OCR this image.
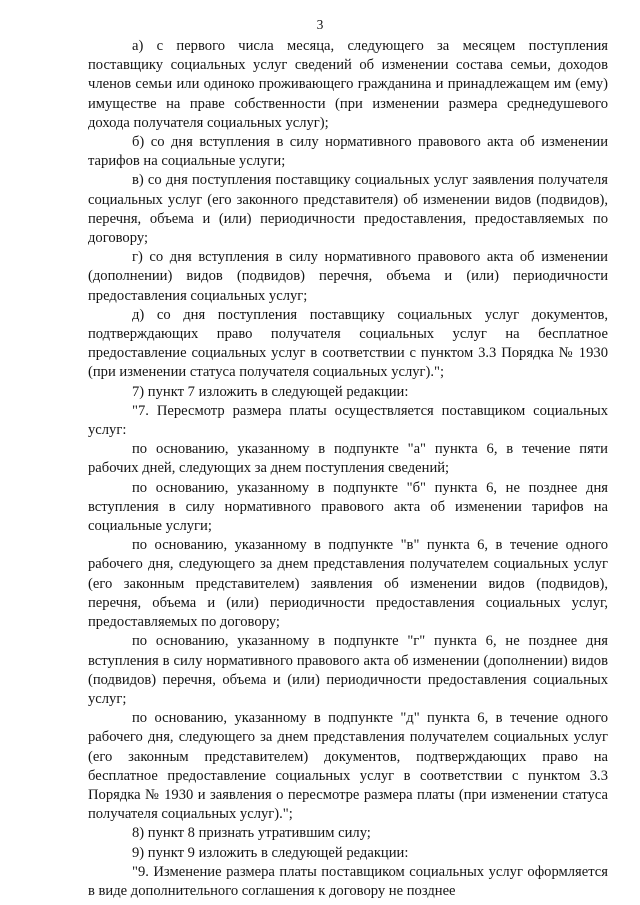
3

а) с первого числа месяца, следующего за месяцем поступления поставщику социальных услуг сведений об изменении состава семьи, доходов членов семьи или одиноко проживающего гражданина и принадлежащем им (ему) имуществе на праве собственности (при изменении размера среднедушевого дохода получателя социальных услуг);

б) со дня вступления в силу нормативного правового акта об изменении тарифов на социальные услуги;

в) со дня поступления поставщику социальных услуг заявления получателя социальных услуг (его законного представителя) об изменении видов (подвидов), перечня, объема и (или) периодичности предоставления, предоставляемых по договору;

г) со дня вступления в силу нормативного правового акта об изменении (дополнении) видов (подвидов) перечня, объема и (или) периодичности предоставления социальных услуг;

д) со дня поступления поставщику социальных услуг документов, подтверждающих право получателя социальных услуг на бесплатное предоставление социальных услуг в соответствии с пунктом 3.3 Порядка № 1930 (при изменении статуса получателя социальных услуг).";

7) пункт 7 изложить в следующей редакции:

"7. Пересмотр размера платы осуществляется поставщиком социальных услуг:

по основанию, указанному в подпункте "а" пункта 6, в течение пяти рабочих дней, следующих за днем поступления сведений;

по основанию, указанному в подпункте "б" пункта 6, не позднее дня вступления в силу нормативного правового акта об изменении тарифов на социальные услуги;

по основанию, указанному в подпункте "в" пункта 6, в течение одного рабочего дня, следующего за днем представления получателем социальных услуг (его законным представителем) заявления об изменении видов (подвидов), перечня, объема и (или) периодичности предоставления социальных услуг, предоставляемых по договору;

по основанию, указанному в подпункте "г" пункта 6, не позднее дня вступления в силу нормативного правового акта об изменении (дополнении) видов (подвидов) перечня, объема и (или) периодичности предоставления социальных услуг;

по основанию, указанному в подпункте "д" пункта 6, в течение одного рабочего дня, следующего за днем представления получателем социальных услуг (его законным представителем) документов, подтверждающих право на бесплатное предоставление социальных услуг в соответствии с пунктом 3.3 Порядка № 1930 и заявления о пересмотре размера платы (при изменении статуса получателя социальных услуг).";

8) пункт 8 признать утратившим силу;

9) пункт 9 изложить в следующей редакции:

"9. Изменение размера платы поставщиком социальных услуг оформляется в виде дополнительного соглашения к договору не позднее
